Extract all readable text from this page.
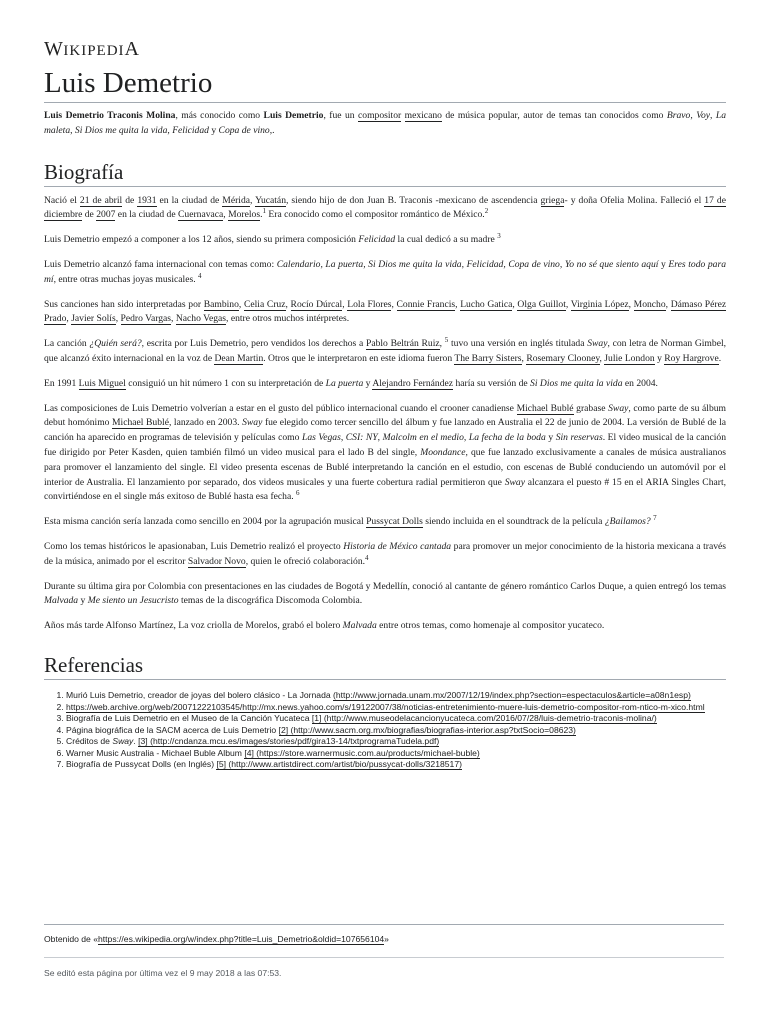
WIKIPEDIA
Luis Demetrio

Luis Demetrio Traconis Molina, más conocido como Luis Demetrio, fue un compositor mexicano de música popular, autor de temas tan conocidos como Bravo, Voy, La maleta, Si Dios me quita la vida, Felicidad y Copa de vino,.

Biografía

Nació el 21 de abril de 1931 en la ciudad de Mérida, Yucatán, siendo hijo de don Juan B. Traconis -mexicano de ascendencia griega- y doña Ofelia Molina. Falleció el 17 de diciembre de 2007 en la ciudad de Cuernavaca, Morelos.$^1$ Era conocido como el compositor romántico de México.$^2$

Luis Demetrio empezó a componer a los 12 años, siendo su primera composición Felicidad la cual dedicó a su madre $^3$

Luis Demetrio alcanzó fama internacional con temas como: Calendario, La puerta, Si Dios me quita la vida, Felicidad, Copa de vino, Yo no sé que siento aquí y Eres todo para mí, entre otras muchas joyas musicales. $^4$

Sus canciones han sido interpretadas por Bambino, Celia Cruz, Rocío Dúrcal, Lola Flores, Connie Francis, Lucho Gatica, Olga Guillot, Virginia López, Moncho, Dámaso Pérez Prado, Javier Solís, Pedro Vargas, Nacho Vegas, entre otros muchos intérpretes.

La canción ¿Quién será?, escrita por Luis Demetrio, pero vendidos los derechos a Pablo Beltrán Ruiz, $^5$ tuvo una versión en inglés titulada Sway, con letra de Norman Gimbel, que alcanzó éxito internacional en la voz de Dean Martin. Otros que le interpretaron en este idioma fueron The Barry Sisters, Rosemary Clooney, Julie London y Roy Hargrove.

En 1991 Luis Miguel consiguió un hit número 1 con su interpretación de La puerta y Alejandro Fernández haría su versión de Si Dios me quita la vida en 2004.

Las composiciones de Luis Demetrio volverían a estar en el gusto del público internacional cuando el crooner canadiense Michael Bublé grabase Sway, como parte de su álbum debut homónimo Michael Bublé, lanzado en 2003. Sway fue elegido como tercer sencillo del álbum y fue lanzado en Australia el 22 de junio de 2004. La versión de Bublé de la canción ha aparecido en programas de televisión y películas como Las Vegas, CSI: NY, Malcolm en el medio, La fecha de la boda y Sin reservas. El video musical de la canción fue dirigido por Peter Kasden, quien también filmó un video musical para el lado B del single, Moondance, que fue lanzado exclusivamente a canales de música australianos para promover el lanzamiento del single. El video presenta escenas de Bublé interpretando la canción en el estudio, con escenas de Bublé conduciendo un automóvil por el interior de Australia. El lanzamiento por separado, dos videos musicales y una fuerte cobertura radial permitieron que Sway alcanzara el puesto # 15 en el ARIA Singles Chart, convirtiéndose en el single más exitoso de Bublé hasta esa fecha. $^6$

Esta misma canción sería lanzada como sencillo en 2004 por la agrupación musical Pussycat Dolls siendo incluida en el soundtrack de la película ¿Bailamos? $^7$

Como los temas históricos le apasionaban, Luis Demetrio realizó el proyecto Historia de México cantada para promover un mejor conocimiento de la historia mexicana a través de la música, animado por el escritor Salvador Novo, quien le ofreció colaboración.$^4$

Durante su última gira por Colombia con presentaciones en las ciudades de Bogotá y Medellín, conoció al cantante de género romántico Carlos Duque, a quien entregó los temas Malvada y Me siento un Jesucristo temas de la discográfica Discomoda Colombia.

Años más tarde Alfonso Martínez, La voz criolla de Morelos, grabó el bolero Malvada entre otros temas, como homenaje al compositor yucateco.

Referencias
1. Murió Luis Demetrio, creador de joyas del bolero clásico - La Jornada (http://www.jornada.unam.mx/2007/12/19/index.php?section=espectaculos&article=a08n1esp)
2. https://web.archive.org/web/20071222103545/http://mx.news.yahoo.com/s/19122007/38/noticias-entretenimiento-muere-luis-demetrio-compositor-rom-ntico-m-xico.html
3. Biografía de Luis Demetrio en el Museo de la Canción Yucateca [1] (http://www.museodelacancionyucateca.com/2016/07/28/luis-demetrio-traconis-molina/)
4. Página biográfica de la SACM acerca de Luis Demetrio [2] (http://www.sacm.org.mx/biografias/biografias-interior.asp?txtSocio=08623)
5. Créditos de Sway. [3] (http://cndanza.mcu.es/images/stories/pdf/gira13-14/txtprogramaTudela.pdf)
6. Warner Music Australia - Michael Buble Album [4] (https://store.warnermusic.com.au/products/michael-buble)
7. Biografía de Pussycat Dolls (en Inglés) [5] (http://www.artistdirect.com/artist/bio/pussycat-dolls/3218517)
Obtenido de «https://es.wikipedia.org/w/index.php?title=Luis_Demetrio&oldid=107656104»
Se editó esta página por última vez el 9 may 2018 a las 07:53.
